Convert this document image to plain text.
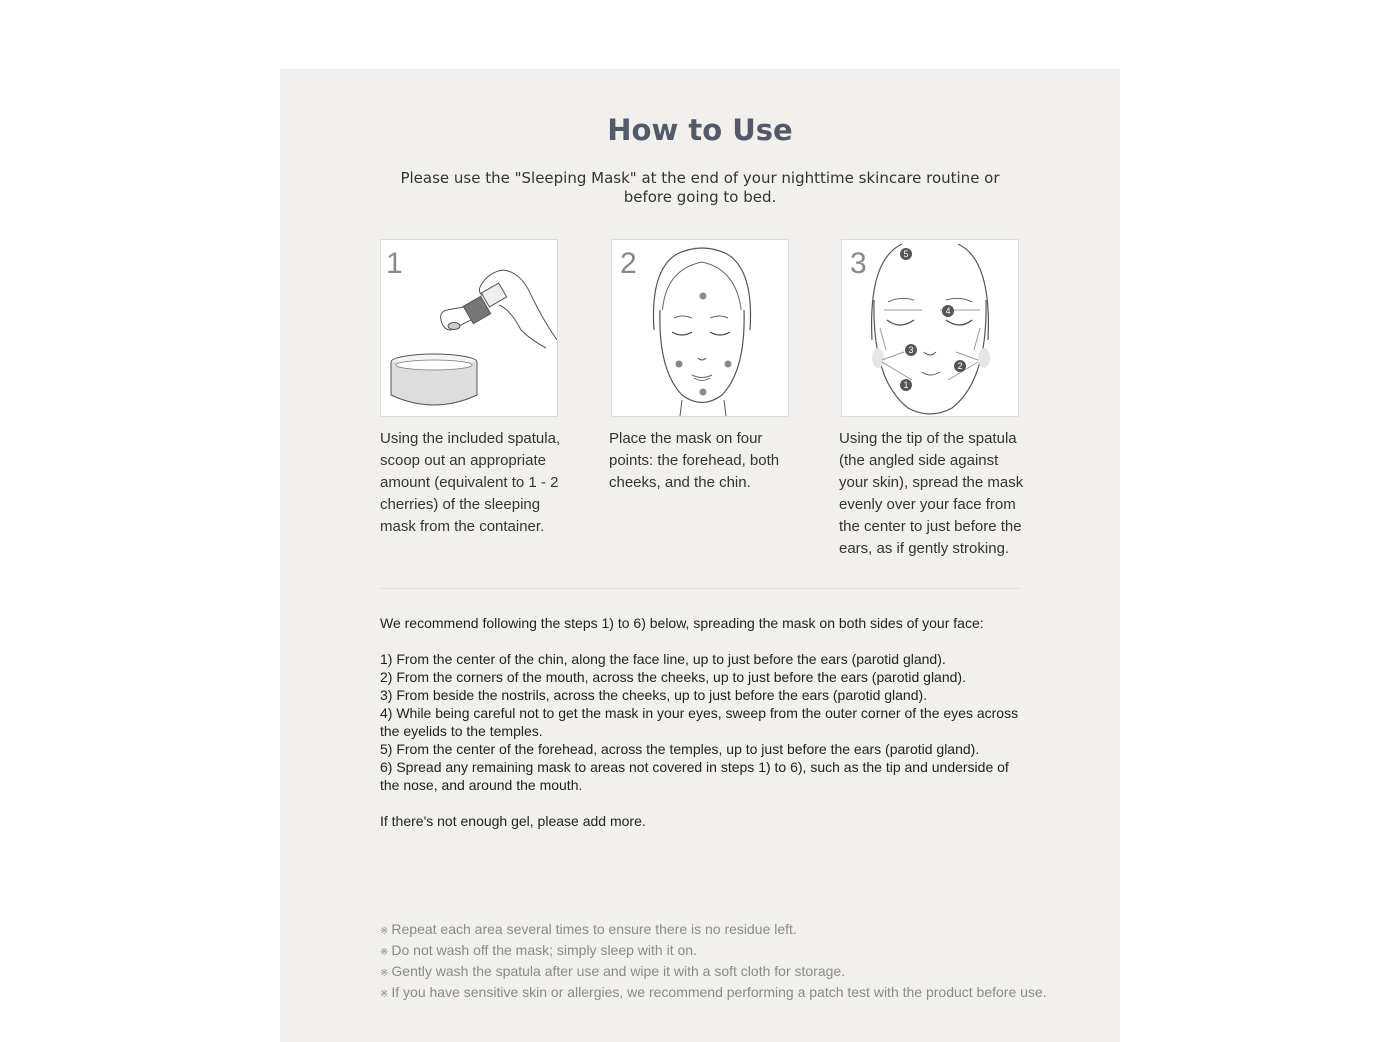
How to Use

Please use the "Sleeping Mask" at the end of your nighttime skincare routine or before going to bed.

1	2	3
1
2
3
4
5

Using the included spatula, scoop out an appropriate amount (equivalent to 1 - 2 cherries) of the sleeping mask from the container.

Place the mask on four points: the forehead, both cheeks, and the chin.

Using the tip of the spatula (the angled side against your skin), spread the mask evenly over your face from the center to just before the ears, as if gently stroking.

We recommend following the steps 1) to 6) below, spreading the mask on both sides of your face:

1) From the center of the chin, along the face line, up to just before the ears (parotid gland).

2) From the corners of the mouth, across the cheeks, up to just before the ears (parotid gland).

3) From beside the nostrils, across the cheeks, up to just before the ears (parotid gland).

4) While being careful not to get the mask in your eyes, sweep from the outer corner of the eyes across the eyelids to the temples.

5) From the center of the forehead, across the temples, up to just before the ears (parotid gland).

6) Spread any remaining mask to areas not covered in steps 1) to 6), such as the tip and underside of the nose, and around the mouth.

If there's not enough gel, please add more.

※ Repeat each area several times to ensure there is no residue left.
※ Do not wash off the mask; simply sleep with it on.
※ Gently wash the spatula after use and wipe it with a soft cloth for storage.
※ If you have sensitive skin or allergies, we recommend performing a patch test with the product before use.
